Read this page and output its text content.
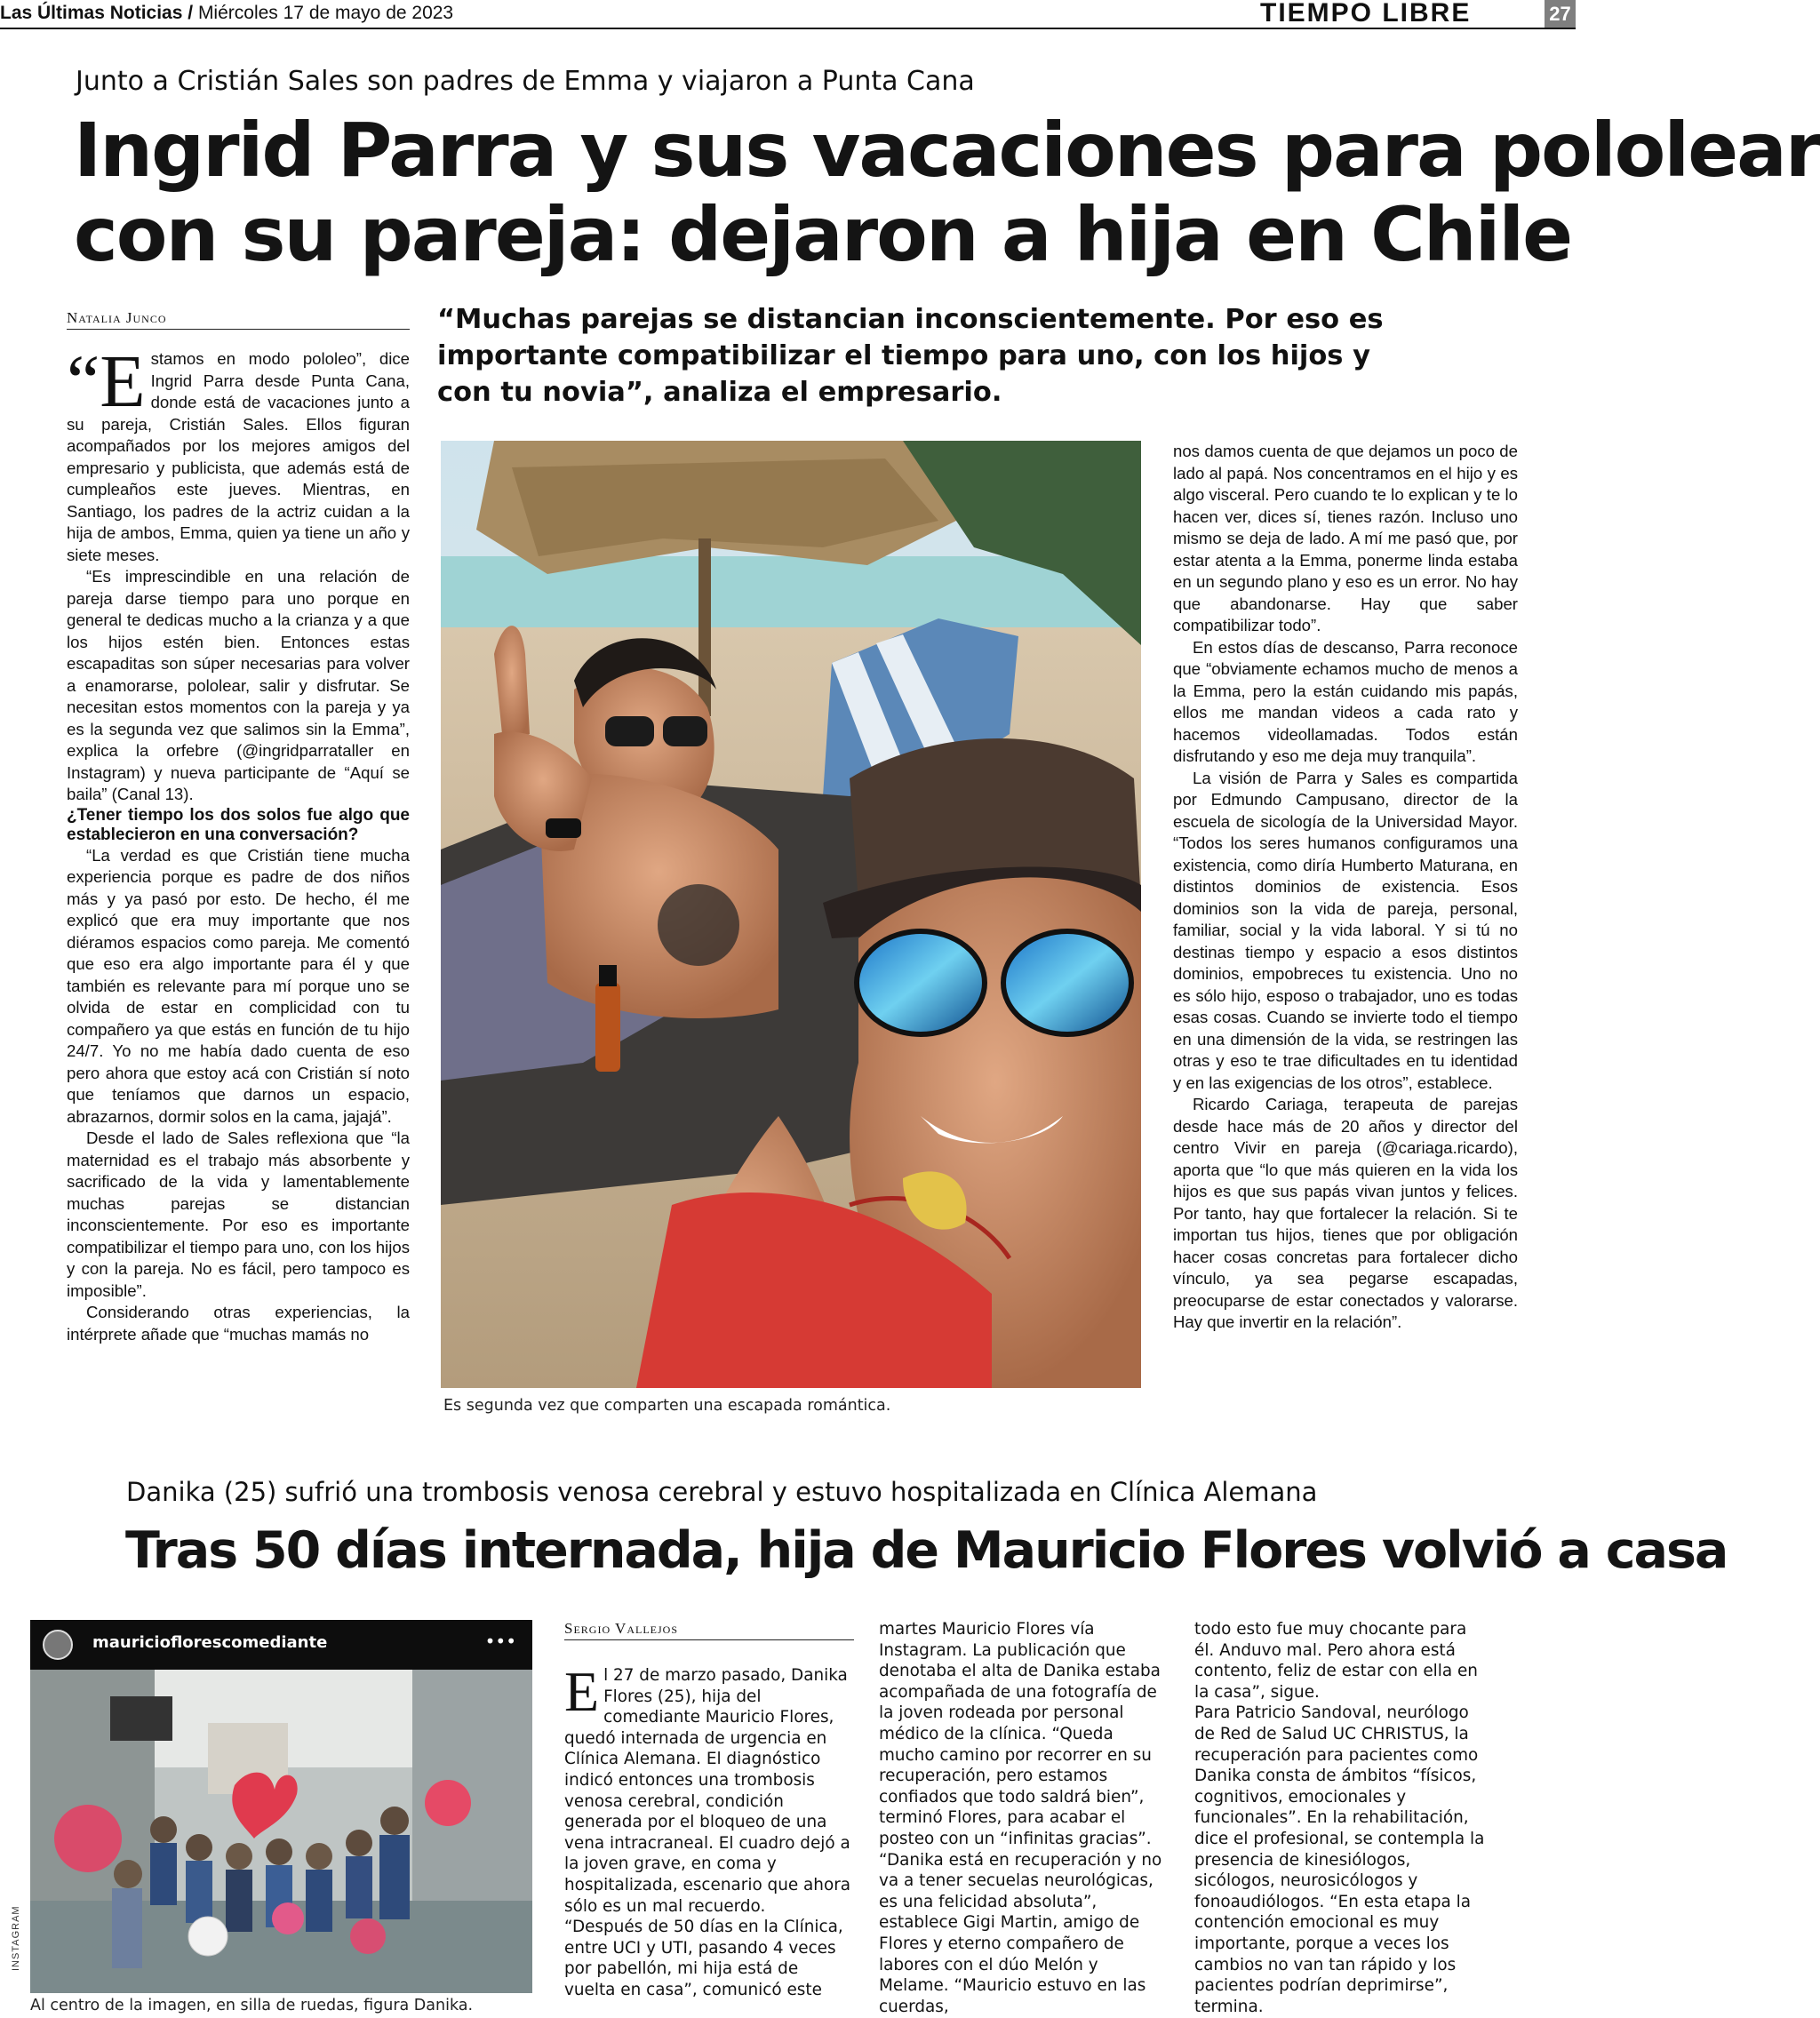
Las Últimas Noticias / Miércoles 17 de mayo de 2023	TIEMPO LIBRE	27
Junto a Cristián Sales son padres de Emma y viajaron a Punta Cana
Ingrid Parra y sus vacaciones para pololear
con su pareja: dejaron a hija en Chile
Natalia Junco	“Muchas parejas se distancian inconscientemente. Por eso es importante compatibilizar el tiempo para uno, con los hijos y con tu novia”, analiza el empresario.

“Estamos en modo pololeo”, dice Ingrid Parra desde Punta Cana, donde está de vacaciones junto a su pareja, Cristián Sales. Ellos figuran acompañados por los mejores amigos del empresario y publicista, que además está de cumpleaños este jueves. Mientras, en Santiago, los padres de la actriz cuidan a la hija de ambos, Emma, quien ya tiene un año y siete meses.

“Es imprescindible en una relación de pareja darse tiempo para uno porque en general te dedicas mucho a la crianza y a que los hijos estén bien. Entonces estas escapaditas son súper necesarias para volver a enamorarse, pololear, salir y disfrutar. Se necesitan estos momentos con la pareja y ya es la segunda vez que salimos sin la Emma”, explica la orfebre (@ingridparrataller en Instagram) y nueva participante de “Aquí se baila” (Canal 13).

¿Tener tiempo los dos solos fue algo que establecieron en una conversación?

“La verdad es que Cristián tiene mucha experiencia porque es padre de dos niños más y ya pasó por esto. De hecho, él me explicó que era muy importante que nos diéramos espacios como pareja. Me comentó que eso era algo importante para él y que también es relevante para mí porque uno se olvida de estar en complicidad con tu compañero ya que estás en función de tu hijo 24/7. Yo no me había dado cuenta de eso pero ahora que estoy acá con Cristián sí noto que teníamos que darnos un espacio, abrazarnos, dormir solos en la cama, jajajá”.

Desde el lado de Sales reflexiona que “la maternidad es el trabajo más absorbente y sacrificado de la vida y lamentablemente muchas parejas se distancian inconscientemente. Por eso es importante compatibilizar el tiempo para uno, con los hijos y con la pareja. No es fácil, pero tampoco es imposible”.

Considerando otras experiencias, la intérprete añade que “muchas mamás no

Es segunda vez que comparten una escapada romántica.

nos damos cuenta de que dejamos un poco de lado al papá. Nos concentramos en el hijo y es algo visceral. Pero cuando te lo explican y te lo hacen ver, dices sí, tienes razón. Incluso uno mismo se deja de lado. A mí me pasó que, por estar atenta a la Emma, ponerme linda estaba en un segundo plano y eso es un error. No hay que abandonarse. Hay que saber compatibilizar todo”.

En estos días de descanso, Parra reconoce que “obviamente echamos mucho de menos a la Emma, pero la están cuidando mis papás, ellos me mandan videos a cada rato y hacemos videollamadas. Todos están disfrutando y eso me deja muy tranquila”.

La visión de Parra y Sales es compartida por Edmundo Campusano, director de la escuela de sicología de la Universidad Mayor. “Todos los seres humanos configuramos una existencia, como diría Humberto Maturana, en distintos dominios de existencia. Esos dominios son la vida de pareja, personal, familiar, social y la vida laboral. Y si tú no destinas tiempo y espacio a esos distintos dominios, empobreces tu existencia. Uno no es sólo hijo, esposo o trabajador, uno es todas esas cosas. Cuando se invierte todo el tiempo en una dimensión de la vida, se restringen las otras y eso te trae dificultades en tu identidad y en las exigencias de los otros”, establece.

Ricardo Cariaga, terapeuta de parejas desde hace más de 20 años y director del centro Vivir en pareja (@cariaga.ricardo), aporta que “lo que más quieren en la vida los hijos es que sus papás vivan juntos y felices. Por tanto, hay que fortalecer la relación. Si te importan tus hijos, tienes que por obligación hacer cosas concretas para fortalecer dicho vínculo, ya sea pegarse escapadas, preocuparse de estar conectados y valorarse. Hay que invertir en la relación”.

Danika (25) sufrió una trombosis venosa cerebral y estuvo hospitalizada en Clínica Alemana
Tras 50 días internada, hija de Mauricio Flores volvió a casa
mauricioflorescomediante	•••
INSTAGRAM
Al centro de la imagen, en silla de ruedas, figura Danika.
Sergio Vallejos

El 27 de marzo pasado, Danika Flores (25), hija del comediante Mauricio Flores, quedó internada de urgencia en Clínica Alemana. El diagnóstico indicó entonces una trombosis venosa cerebral, condición generada por el bloqueo de una vena intracraneal. El cuadro dejó a la joven grave, en coma y hospitalizada, escenario que ahora sólo es un mal recuerdo.

“Después de 50 días en la Clínica, entre UCI y UTI, pasando 4 veces por pabellón, mi hija está de vuelta en casa”, comunicó este

martes Mauricio Flores vía Instagram. La publicación que denotaba el alta de Danika estaba acompañada de una fotografía de la joven rodeada por personal médico de la clínica. “Queda mucho camino por recorrer en su recuperación, pero estamos confiados que todo saldrá bien”, terminó Flores, para acabar el posteo con un “infinitas gracias”.

“Danika está en recuperación y no va a tener secuelas neurológicas, es una felicidad absoluta”, establece Gigi Martin, amigo de Flores y eterno compañero de labores con el dúo Melón y Melame. “Mauricio estuvo en las cuerdas,

todo esto fue muy chocante para él. Anduvo mal. Pero ahora está contento, feliz de estar con ella en la casa”, sigue.

Para Patricio Sandoval, neurólogo de Red de Salud UC CHRISTUS, la recuperación para pacientes como Danika consta de ámbitos “físicos, cognitivos, emocionales y funcionales”. En la rehabilitación, dice el profesional, se contempla la presencia de kinesiólogos, sicólogos, neurosicólogos y fonoaudiólogos. “En esta etapa la contención emocional es muy importante, porque a veces los cambios no van tan rápido y los pacientes podrían deprimirse”, termina.
